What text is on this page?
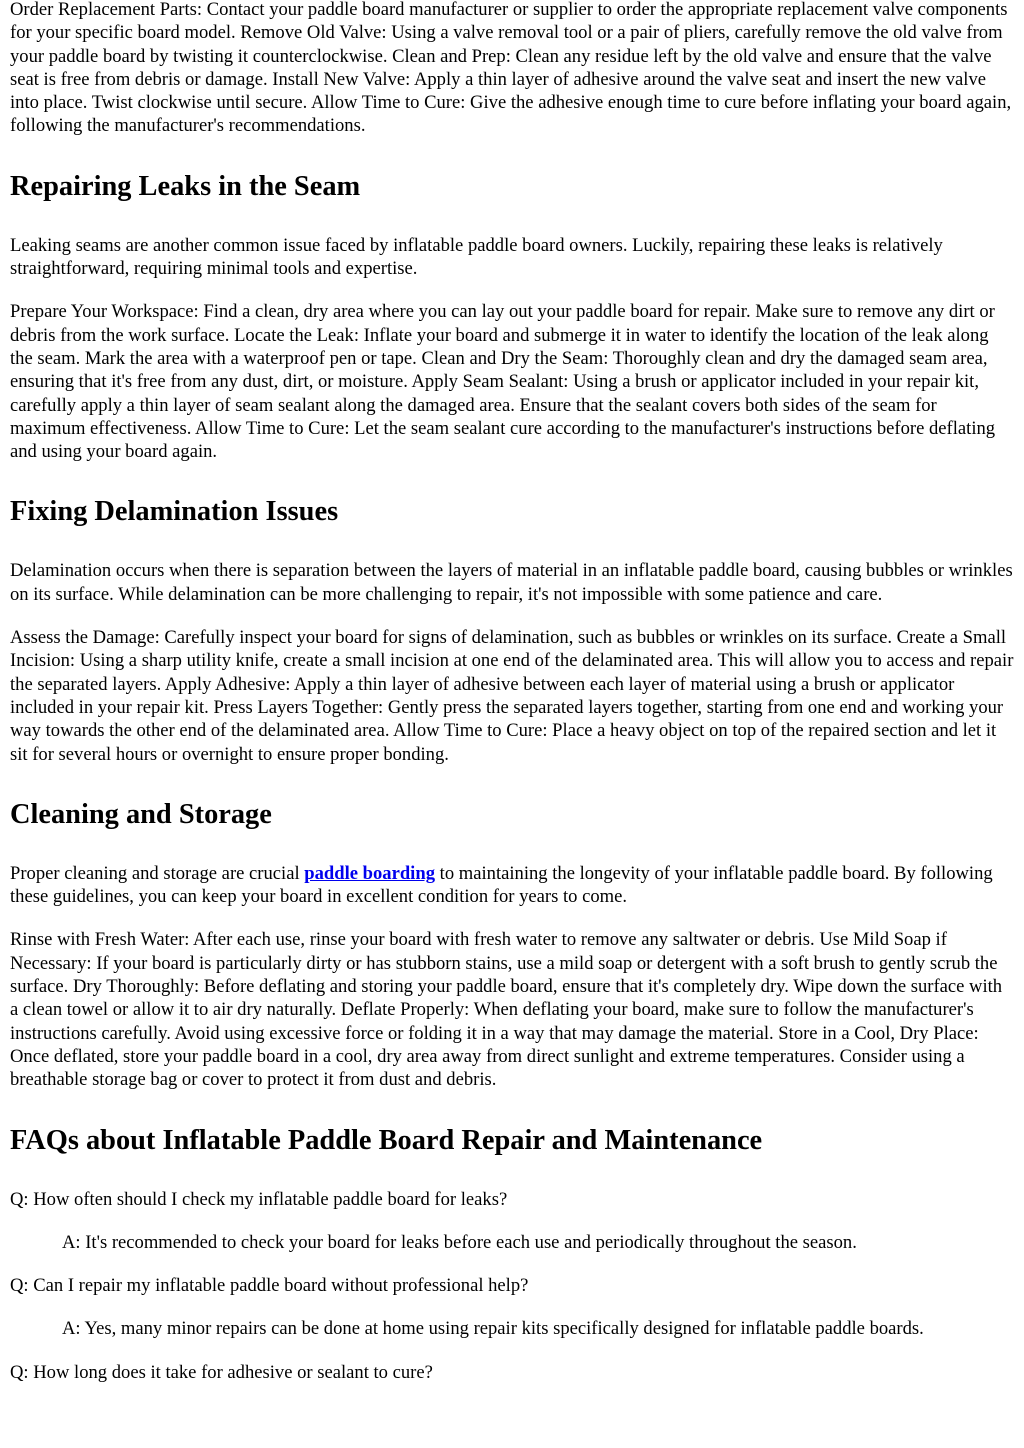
Order Replacement Parts: Contact your paddle board manufacturer or supplier to order the appropriate replacement valve components for your specific board model. Remove Old Valve: Using a valve removal tool or a pair of pliers, carefully remove the old valve from your paddle board by twisting it counterclockwise. Clean and Prep: Clean any residue left by the old valve and ensure that the valve seat is free from debris or damage. Install New Valve: Apply a thin layer of adhesive around the valve seat and insert the new valve into place. Twist clockwise until secure. Allow Time to Cure: Give the adhesive enough time to cure before inflating your board again, following the manufacturer's recommendations.

Repairing Leaks in the Seam

Leaking seams are another common issue faced by inflatable paddle board owners. Luckily, repairing these leaks is relatively straightforward, requiring minimal tools and expertise.

Prepare Your Workspace: Find a clean, dry area where you can lay out your paddle board for repair. Make sure to remove any dirt or debris from the work surface. Locate the Leak: Inflate your board and submerge it in water to identify the location of the leak along the seam. Mark the area with a waterproof pen or tape. Clean and Dry the Seam: Thoroughly clean and dry the damaged seam area, ensuring that it's free from any dust, dirt, or moisture. Apply Seam Sealant: Using a brush or applicator included in your repair kit, carefully apply a thin layer of seam sealant along the damaged area. Ensure that the sealant covers both sides of the seam for maximum effectiveness. Allow Time to Cure: Let the seam sealant cure according to the manufacturer's instructions before deflating and using your board again.

Fixing Delamination Issues

Delamination occurs when there is separation between the layers of material in an inflatable paddle board, causing bubbles or wrinkles on its surface. While delamination can be more challenging to repair, it's not impossible with some patience and care.

Assess the Damage: Carefully inspect your board for signs of delamination, such as bubbles or wrinkles on its surface. Create a Small Incision: Using a sharp utility knife, create a small incision at one end of the delaminated area. This will allow you to access and repair the separated layers. Apply Adhesive: Apply a thin layer of adhesive between each layer of material using a brush or applicator included in your repair kit. Press Layers Together: Gently press the separated layers together, starting from one end and working your way towards the other end of the delaminated area. Allow Time to Cure: Place a heavy object on top of the repaired section and let it sit for several hours or overnight to ensure proper bonding.

Cleaning and Storage

Proper cleaning and storage are crucial paddle boarding to maintaining the longevity of your inflatable paddle board. By following these guidelines, you can keep your board in excellent condition for years to come.

Rinse with Fresh Water: After each use, rinse your board with fresh water to remove any saltwater or debris. Use Mild Soap if Necessary: If your board is particularly dirty or has stubborn stains, use a mild soap or detergent with a soft brush to gently scrub the surface. Dry Thoroughly: Before deflating and storing your paddle board, ensure that it's completely dry. Wipe down the surface with a clean towel or allow it to air dry naturally. Deflate Properly: When deflating your board, make sure to follow the manufacturer's instructions carefully. Avoid using excessive force or folding it in a way that may damage the material. Store in a Cool, Dry Place: Once deflated, store your paddle board in a cool, dry area away from direct sunlight and extreme temperatures. Consider using a breathable storage bag or cover to protect it from dust and debris.

FAQs about Inflatable Paddle Board Repair and Maintenance

Q: How often should I check my inflatable paddle board for leaks?

A: It's recommended to check your board for leaks before each use and periodically throughout the season.

Q: Can I repair my inflatable paddle board without professional help?

A: Yes, many minor repairs can be done at home using repair kits specifically designed for inflatable paddle boards.

Q: How long does it take for adhesive or sealant to cure?
